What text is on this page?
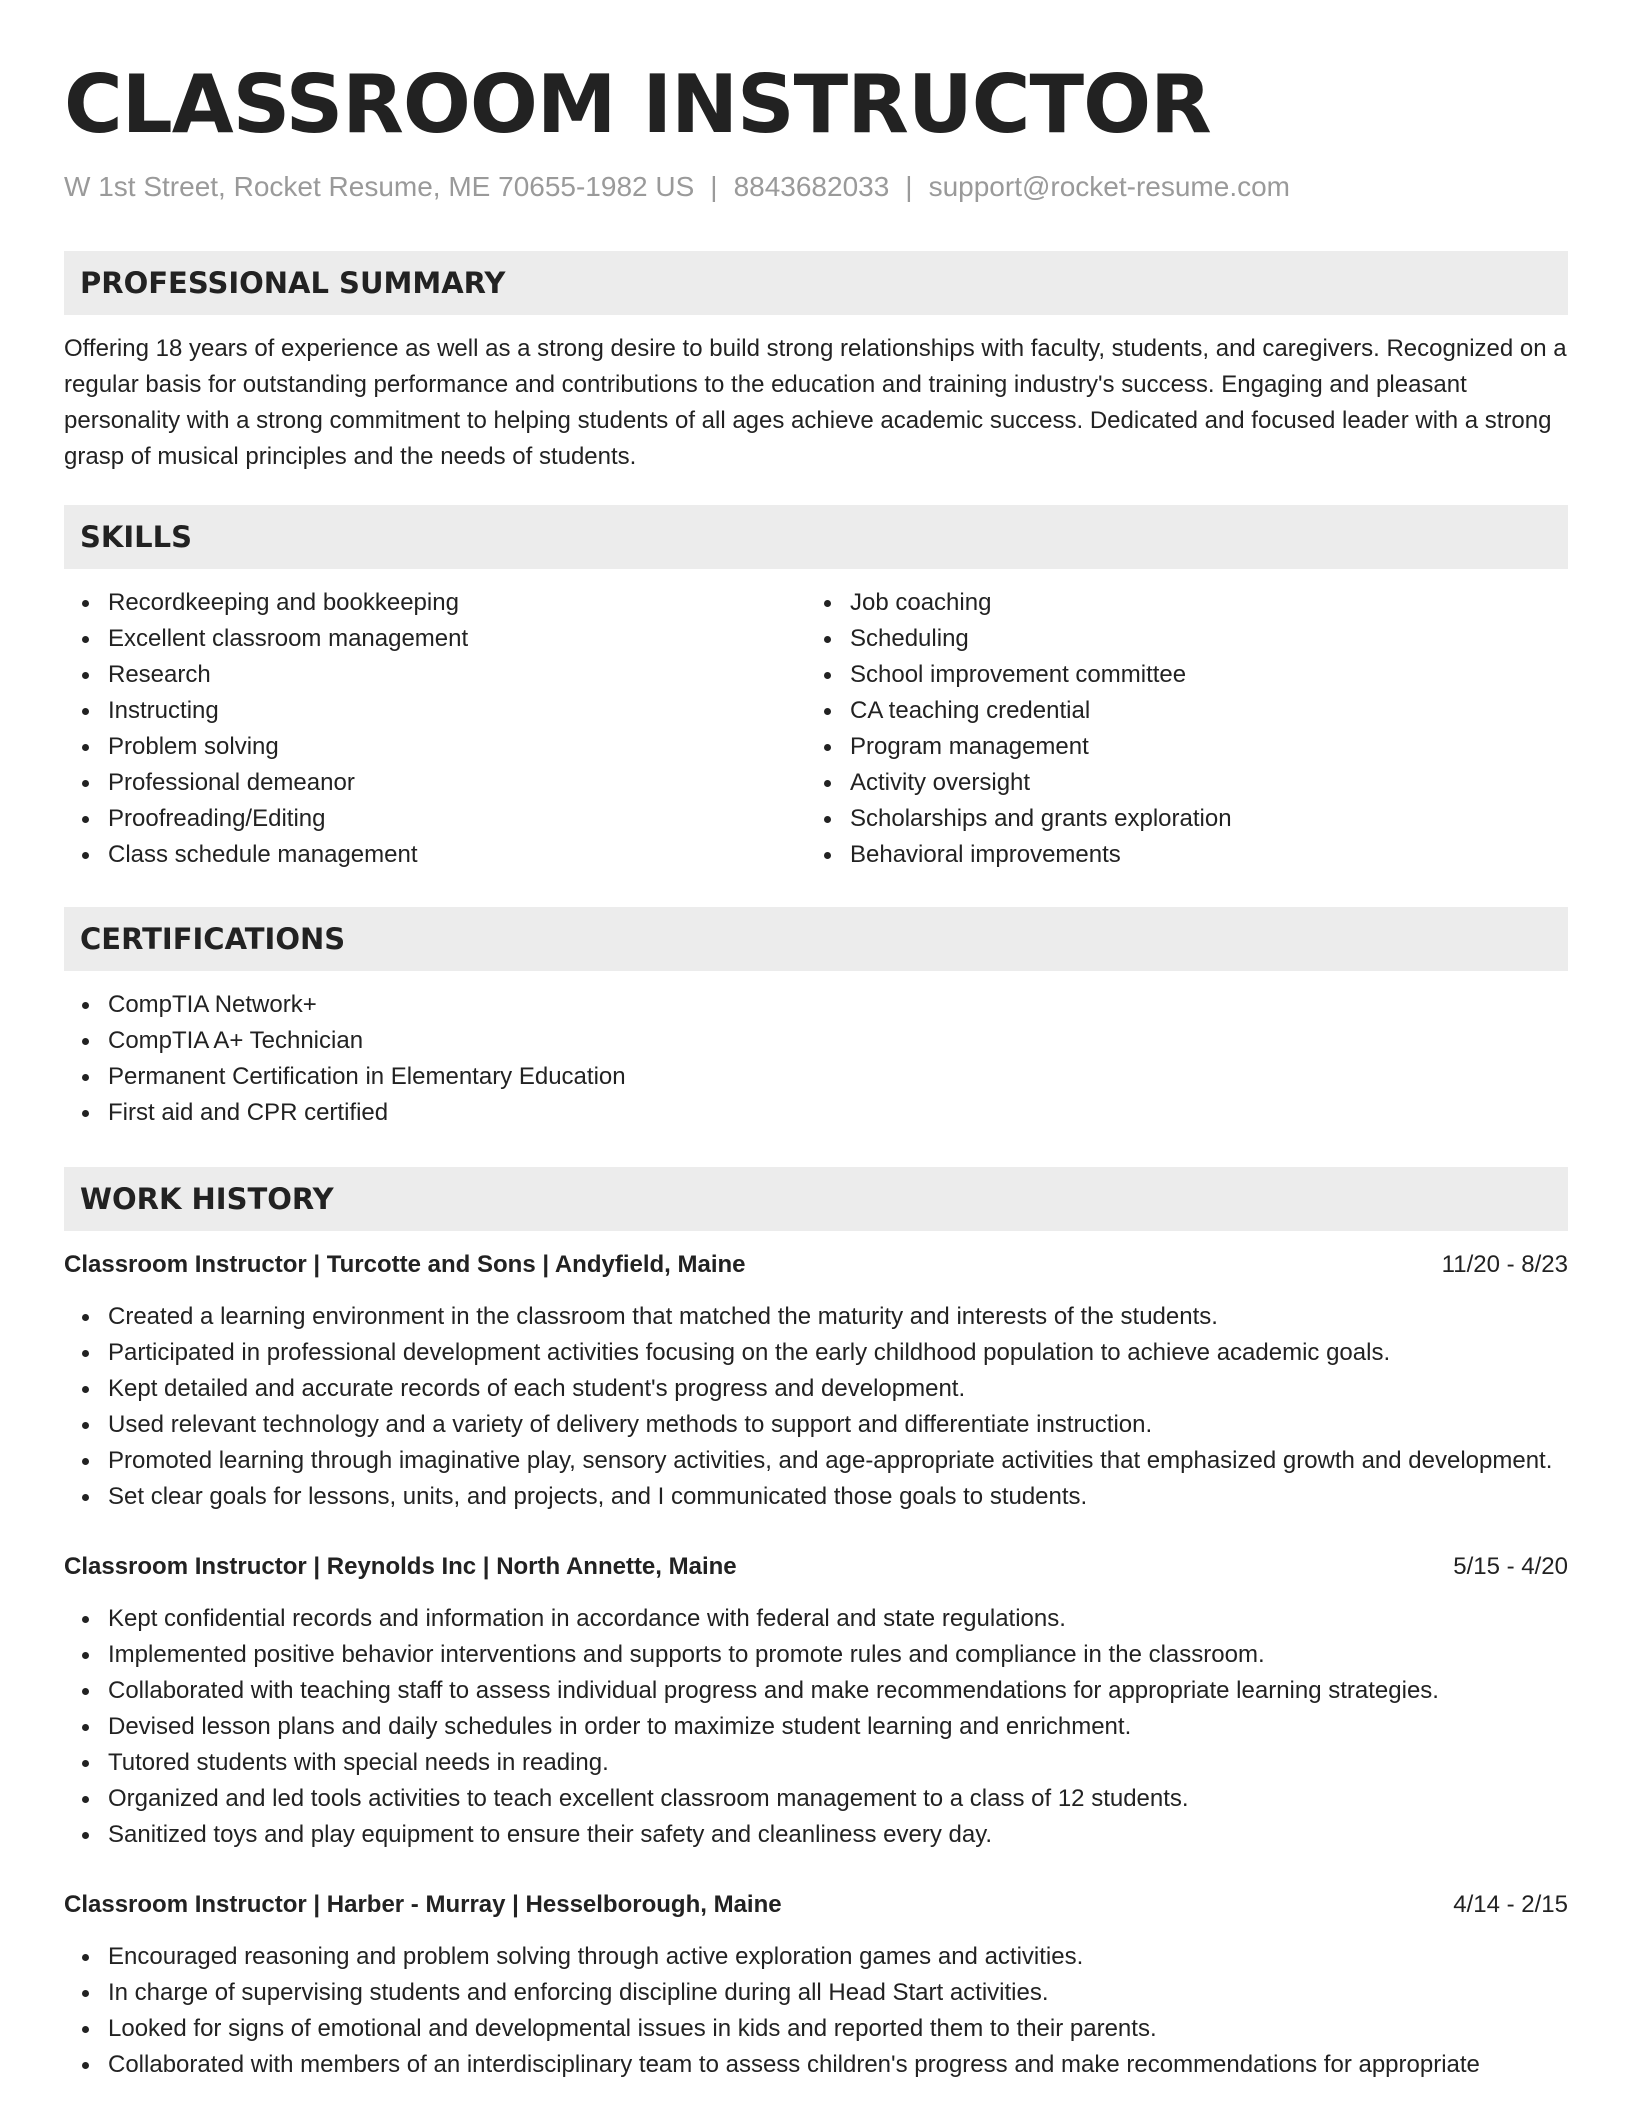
CLASSROOM INSTRUCTOR
W 1st Street, Rocket Resume, ME 70655-1982 US | 8843682033 | support@rocket-resume.com
PROFESSIONAL SUMMARY

Offering 18 years of experience as well as a strong desire to build strong relationships with faculty, students, and caregivers. Recognized on a regular basis for outstanding performance and contributions to the education and training industry's success. Engaging and pleasant personality with a strong commitment to helping students of all ages achieve academic success. Dedicated and focused leader with a strong grasp of musical principles and the needs of students.

SKILLS
Recordkeeping and bookkeeping
Excellent classroom management
Research
Instructing
Problem solving
Professional demeanor
Proofreading/Editing
Class schedule management
Job coaching
Scheduling
School improvement committee
CA teaching credential
Program management
Activity oversight
Scholarships and grants exploration
Behavioral improvements
CERTIFICATIONS
CompTIA Network+
CompTIA A+ Technician
Permanent Certification in Elementary Education
First aid and CPR certified
WORK HISTORY
Classroom Instructor | Turcotte and Sons | Andyfield, Maine	11/20 - 8/23
Created a learning environment in the classroom that matched the maturity and interests of the students.
Participated in professional development activities focusing on the early childhood population to achieve academic goals.
Kept detailed and accurate records of each student's progress and development.
Used relevant technology and a variety of delivery methods to support and differentiate instruction.
Promoted learning through imaginative play, sensory activities, and age-appropriate activities that emphasized growth and development.
Set clear goals for lessons, units, and projects, and I communicated those goals to students.
Classroom Instructor | Reynolds Inc | North Annette, Maine	5/15 - 4/20
Kept confidential records and information in accordance with federal and state regulations.
Implemented positive behavior interventions and supports to promote rules and compliance in the classroom.
Collaborated with teaching staff to assess individual progress and make recommendations for appropriate learning strategies.
Devised lesson plans and daily schedules in order to maximize student learning and enrichment.
Tutored students with special needs in reading.
Organized and led tools activities to teach excellent classroom management to a class of 12 students.
Sanitized toys and play equipment to ensure their safety and cleanliness every day.
Classroom Instructor | Harber - Murray | Hesselborough, Maine	4/14 - 2/15
Encouraged reasoning and problem solving through active exploration games and activities.
In charge of supervising students and enforcing discipline during all Head Start activities.
Looked for signs of emotional and developmental issues in kids and reported them to their parents.
Collaborated with members of an interdisciplinary team to assess children's progress and make recommendations for appropriate
